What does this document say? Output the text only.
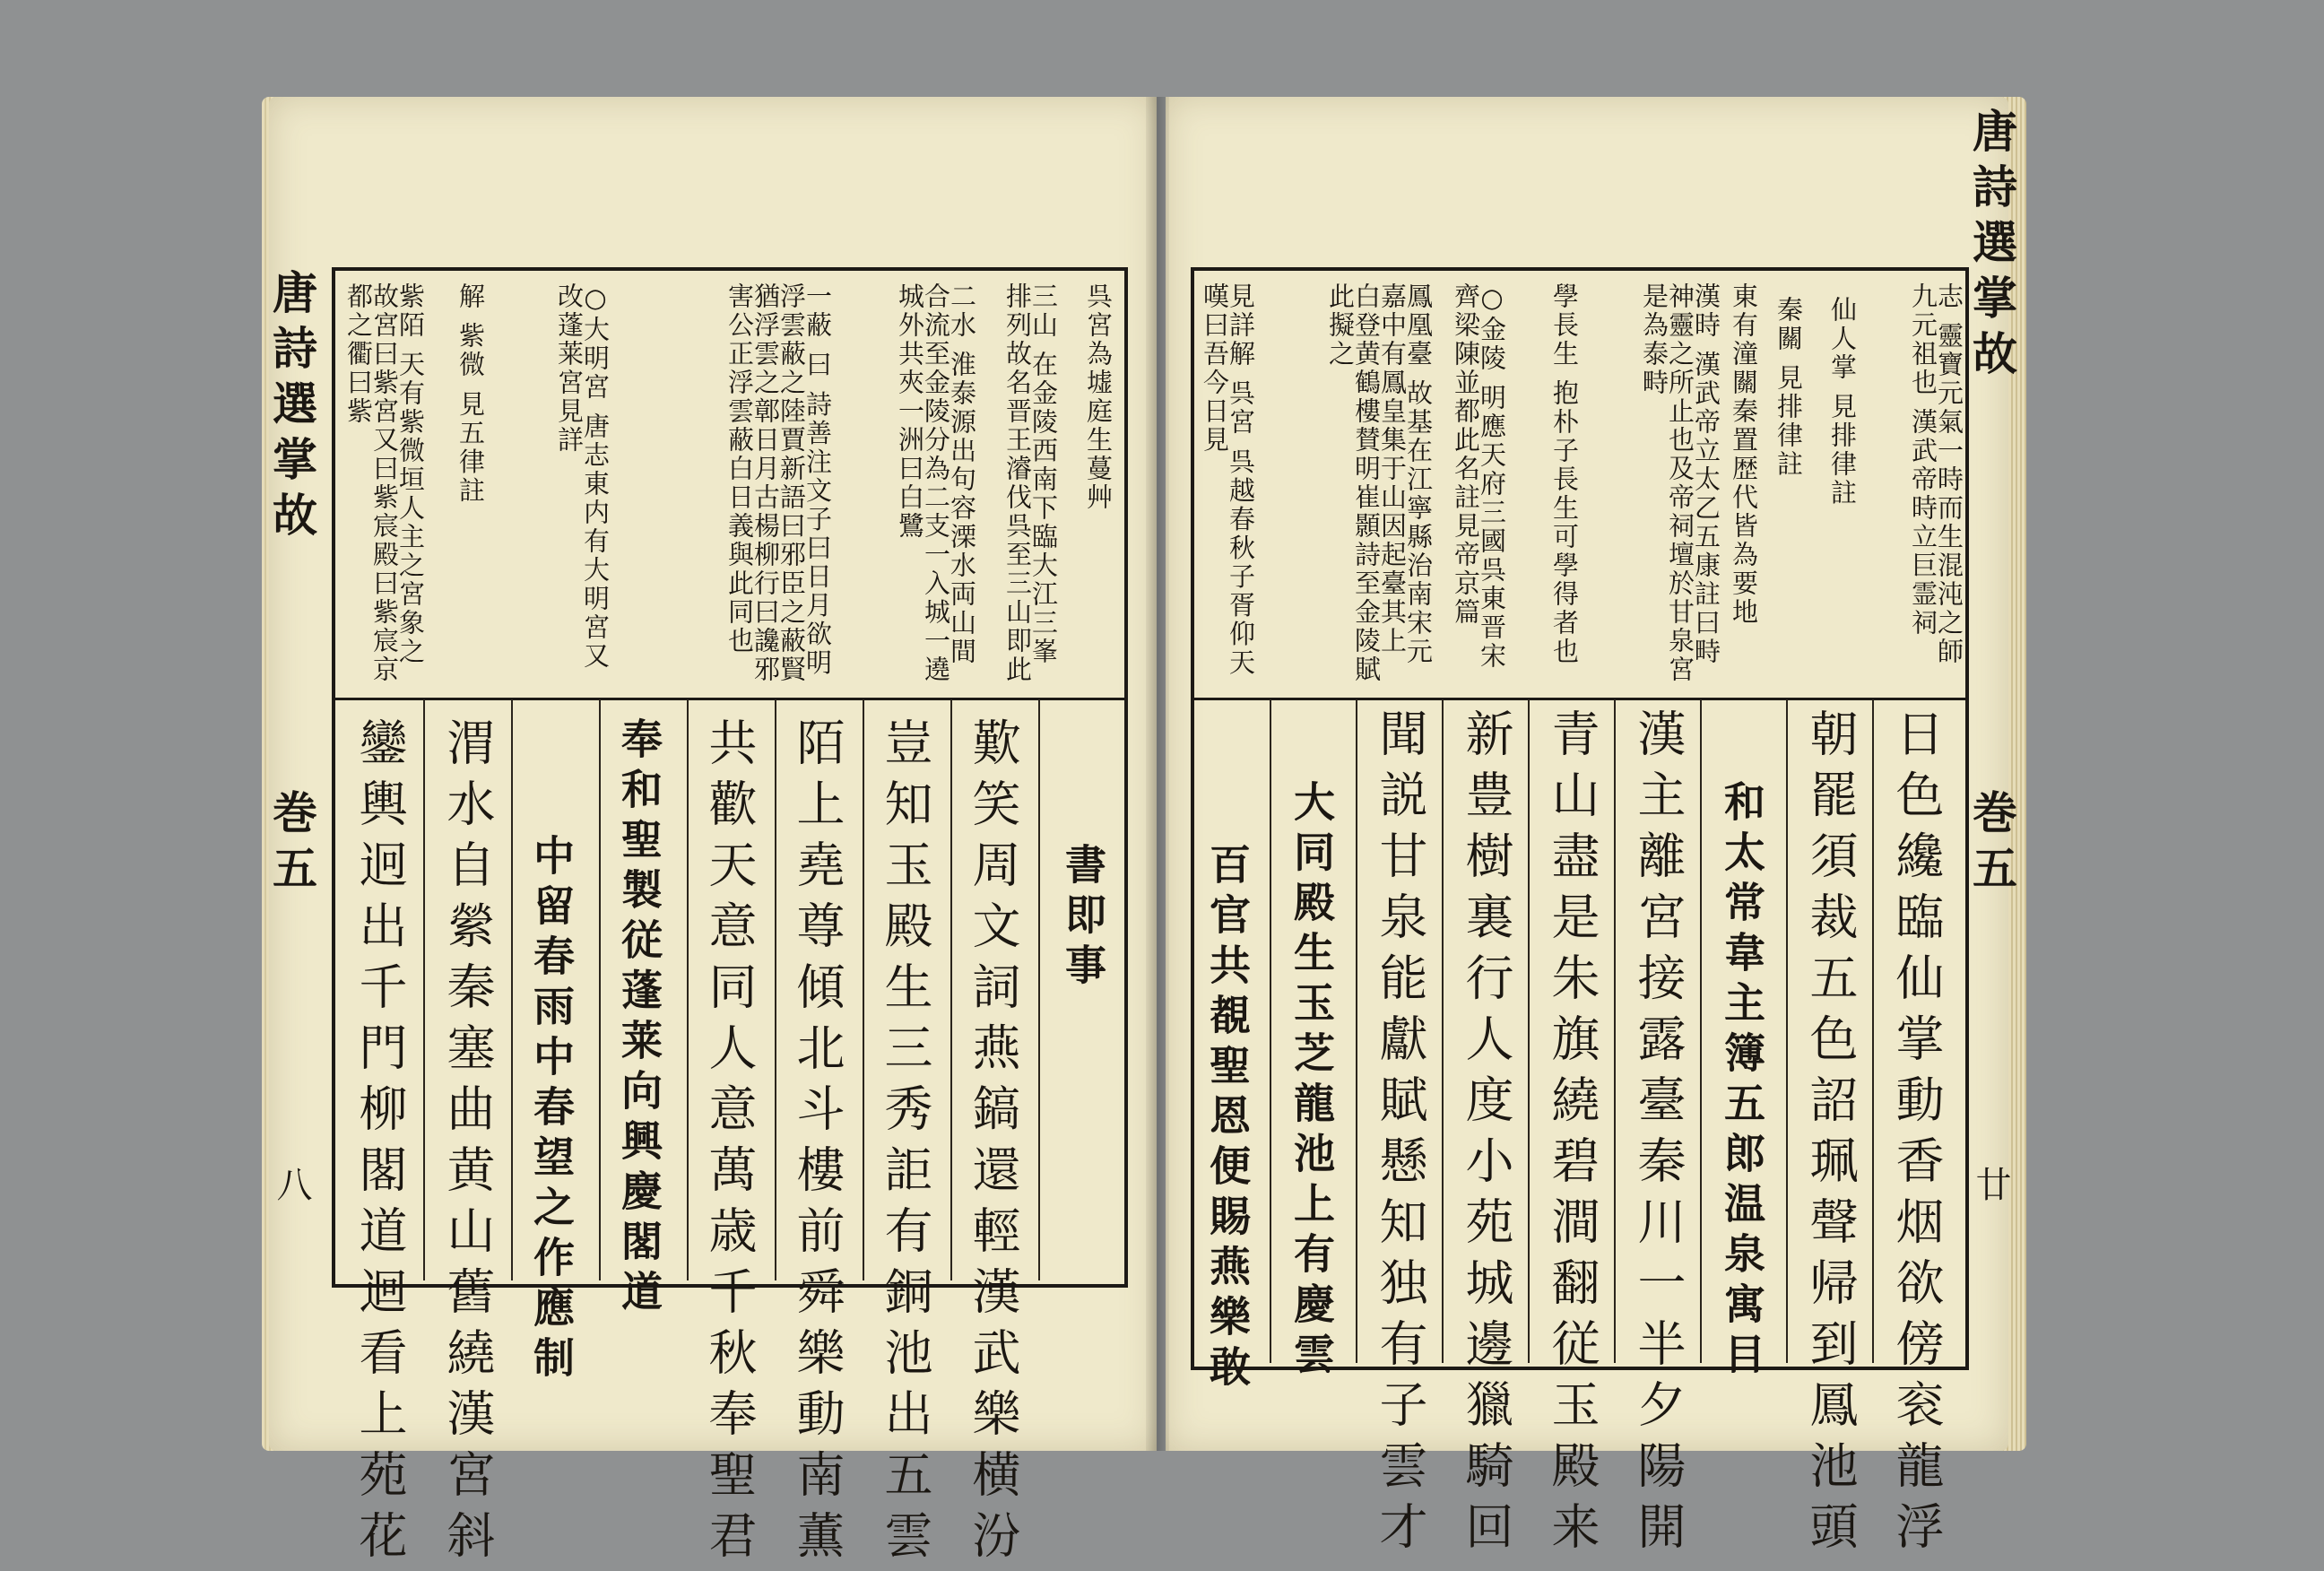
唐詩選掌故
巻五
八
唐詩選掌故
巻五
廿
呉宮為墟庭生蔓艸
三山 在金陵西南下臨大江三峯排列故名晋王濬伐呉至三山即此
二水 淮泰源出句容溧水両山間合流至金陵分為二支一入城一遶城外共夾一洲曰白鷺
一蔽 曰 詩善注文子曰日月欲明浮雲蔽之陸賈新語曰邪臣之蔽賢猶浮雲之鄣日月古楊柳行曰讒邪害公正浮雲蔽白日義與此同也
○大明宮 唐志東内有大明宮又改蓬莱宮見詳
解 紫微 見五律註
紫陌 天有紫微垣人主之宮象之故宮曰紫宮又曰紫宸殿曰紫宸京都之衢曰紫
書即事
歎笑周文詞燕鎬還輕漢武樂横汾
豈知玉殿生三秀詎有銅池出五雲
陌上堯尊傾北斗樓前舜樂動南薫
共歡天意同人意萬歳千秋奉聖君
奉和聖製従蓬莱向興慶閣道
中留春雨中春望之作應制
渭水自縈秦塞曲黄山舊繞漢宮斜
鑾輿迥出千門柳閣道迴看上苑花
志 靈寶元氣一時而生混沌之師九元祖也 漢武帝時立巨霊祠
仙人掌 見排律註
秦關 見排律註
東有潼關秦置歴代皆為要地
漢時 漢武帝立太乙五康註曰畤神靈之所止也及帝祠壇於甘泉宮是為泰畤
學長生 抱朴子長生可學得者也
○金陵 明應天府三國呉東晋宋齊梁陳並都此名註見帝京篇
鳳凰臺 故基在江寧縣治南宋元嘉中有鳳皇集于山因起臺其上 白登黄鶴樓賛明崔顥詩至金陵賦此擬之
見詳解 呉宮 呉越春秋子胥仰天嘆曰吾今日見
日色纔臨仙掌動香烟欲傍衮龍浮
朝罷須裁五色詔珮聲帰到鳳池頭
和太常韋主簿五郎温泉寓目
漢主離宮接露臺秦川一半夕陽開
青山盡是朱旗繞碧澗翻従玉殿来
新豊樹裏行人度小苑城邊獵騎回
聞説甘泉能獻賦懸知独有子雲才
大同殿生玉芝龍池上有慶雲
百官共覩聖恩便賜燕樂敢
